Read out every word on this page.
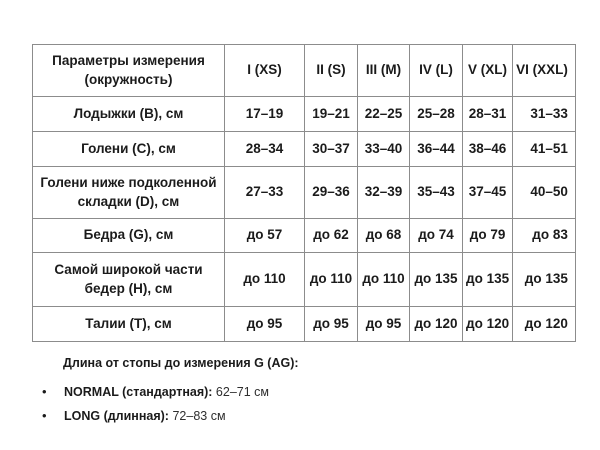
Параметры измерения (окружность)	I (XS)	II (S)	III (M)	IV (L)	V (XL)	VI (XXL)
Лодыжки (B), см	17–19	19–21	22–25	25–28	28–31	31–33
Голени (C), см	28–34	30–37	33–40	36–44	38–46	41–51
Голени ниже подколенной складки (D), см	27–33	29–36	32–39	35–43	37–45	40–50
Бедра (G), см	до 57	до 62	до 68	до 74	до 79	до 83
Самой широкой части бедер (H), см	до 110	до 110	до 110	до 135	до 135	до 135
Талии (T), см	до 95	до 95	до 95	до 120	до 120	до 120
Длина от стопы до измерения G (AG):
• NORMAL (стандартная): 62–71 см
• LONG (длинная): 72–83 см
